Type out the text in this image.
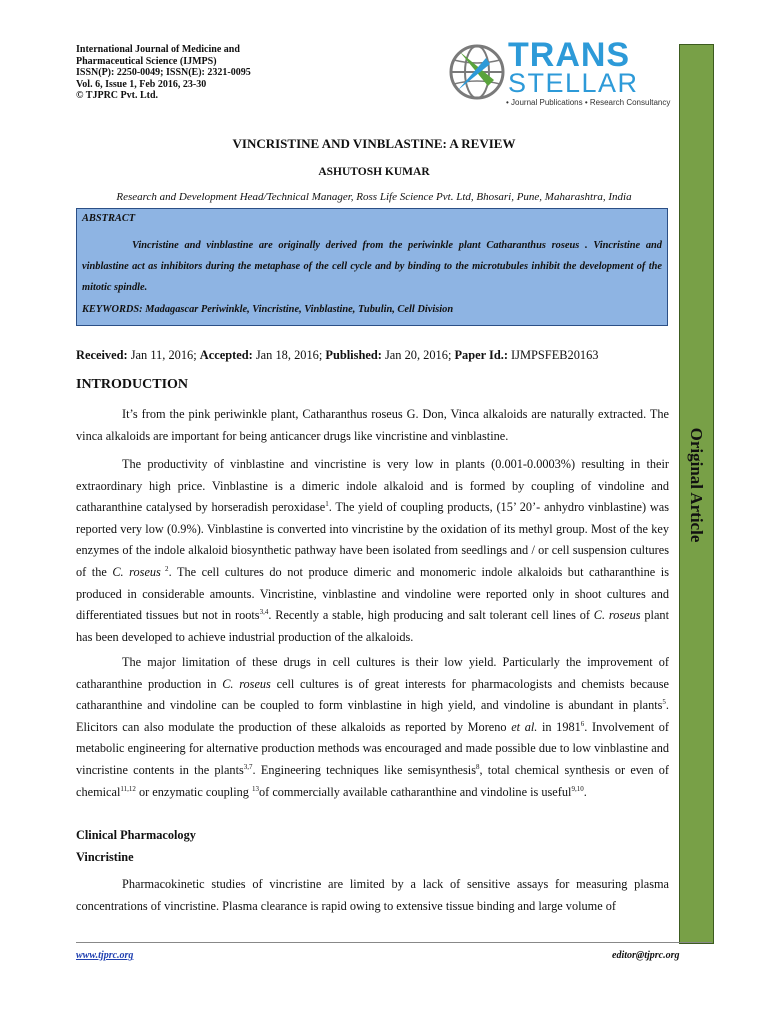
International Journal of Medicine and
Pharmaceutical Science (IJMPS)
ISSN(P): 2250-0049; ISSN(E): 2321-0095
Vol. 6, Issue 1, Feb 2016, 23-30
© TJPRC Pvt. Ltd.
TRANS
STELLAR
• Journal Publications • Research Consultancy
Original Article
VINCRISTINE AND VINBLASTINE: A REVIEW
ASHUTOSH KUMAR
Research and Development Head/Technical Manager, Ross Life Science Pvt. Ltd, Bhosari, Pune, Maharashtra, India
ABSTRACT
Vincristine and vinblastine are originally derived from the periwinkle plant Catharanthus roseus . Vincristine and vinblastine act as inhibitors during the metaphase of the cell cycle and by binding to the microtubules inhibit the development of the mitotic spindle.
KEYWORDS: Madagascar Periwinkle, Vincristine, Vinblastine, Tubulin, Cell Division
Received: Jan 11, 2016; Accepted: Jan 18, 2016; Published: Jan 20, 2016; Paper Id.: IJMPSFEB20163
INTRODUCTION
It’s from the pink periwinkle plant, Catharanthus roseus G. Don, Vinca alkaloids are naturally extracted. The vinca alkaloids are important for being anticancer drugs like vincristine and vinblastine.
The productivity of vinblastine and vincristine is very low in plants (0.001-0.0003%) resulting in their extraordinary high price. Vinblastine is a dimeric indole alkaloid and is formed by coupling of vindoline and catharanthine catalysed by horseradish peroxidase$^1$. The yield of coupling products, (15’ 20’- anhydro vinblastine) was reported very low (0.9%). Vinblastine is converted into vincristine by the oxidation of its methyl group. Most of the key enzymes of the indole alkaloid biosynthetic pathway have been isolated from seedlings and / or cell suspension cultures of the C. roseus $^2$. The cell cultures do not produce dimeric and monomeric indole alkaloids but catharanthine is produced in considerable amounts. Vincristine, vinblastine and vindoline were reported only in shoot cultures and differentiated tissues but not in roots$^{3,4}$. Recently a stable, high producing and salt tolerant cell lines of C. roseus plant has been developed to achieve industrial production of the alkaloids.
The major limitation of these drugs in cell cultures is their low yield. Particularly the improvement of catharanthine production in C. roseus cell cultures is of great interests for pharmacologists and chemists because catharanthine and vindoline can be coupled to form vinblastine in high yield, and vindoline is abundant in plants$^5$. Elicitors can also modulate the production of these alkaloids as reported by Moreno et al. in 1981$^6$. Involvement of metabolic engineering for alternative production methods was encouraged and made possible due to low vinblastine and vincristine contents in the plants$^{3,7}$. Engineering techniques like semisynthesis$^8$, total chemical synthesis or even of chemical$^{11,12}$ or enzymatic coupling $^{13}$of commercially available catharanthine and vindoline is useful$^{9,10}$.
Clinical Pharmacology
Vincristine
Pharmacokinetic studies of vincristine are limited by a lack of sensitive assays for measuring plasma concentrations of vincristine. Plasma clearance is rapid owing to extensive tissue binding and large volume of
www.tjprc.org	editor@tjprc.org
